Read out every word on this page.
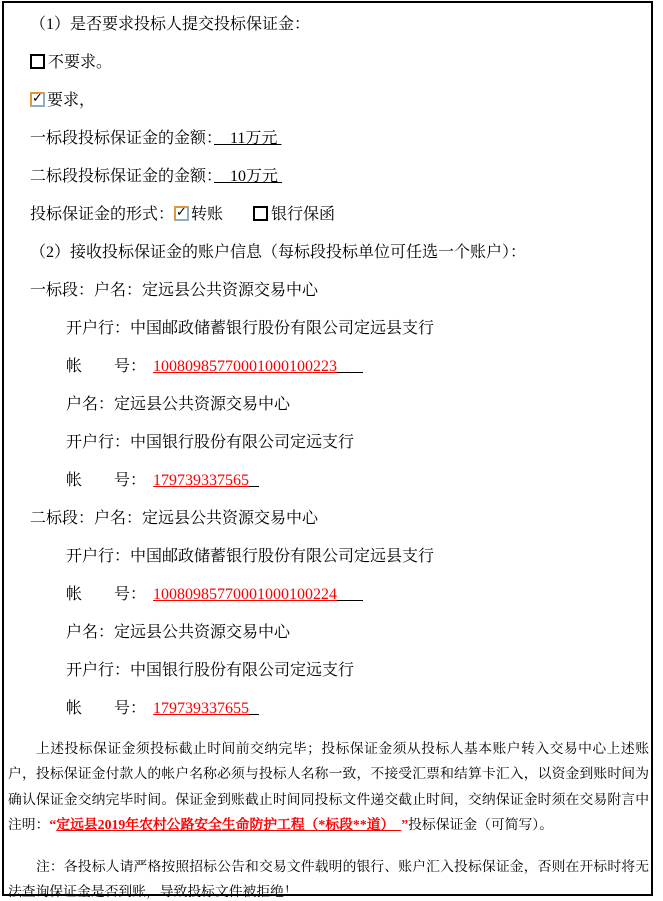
（1）是否要求投标人提交投标保证金：
不要求。
✓要求，
一标段投标保证金的金额：　11万元
二标段投标保证金的金额：　10万元
投标保证金的形式： ✓ 转账	银行保函
（2）接收投标保证金的账户信息（每标段投标单位可任选一个账户）：
一标段：户名：定远县公共资源交易中心
开户行：中国邮政储蓄银行股份有限公司定远县支行
帐　　号： 10080985770001000100223
户名：定远县公共资源交易中心
开户行：中国银行股份有限公司定远支行
帐　　号： 179739337565
二标段：户名：定远县公共资源交易中心
开户行：中国邮政储蓄银行股份有限公司定远县支行
帐　　号： 10080985770001000100224
户名：定远县公共资源交易中心
开户行：中国银行股份有限公司定远支行
帐　　号： 179739337655
上述投标保证金须投标截止时间前交纳完毕；投标保证金须从投标人基本账户转入交易中心上述账
户，投标保证金付款人的帐户名称必须与投标人名称一致，不接受汇票和结算卡汇入，以资金到账时间为
确认保证金交纳完毕时间。保证金到账截止时间同投标文件递交截止时间，交纳保证金时须在交易附言中
注明：“定远县2019年农村公路安全生命防护工程（*标段**道）　”投标保证金（可简写）。
注：各投标人请严格按照招标公告和交易文件载明的银行、账户汇入投标保证金，否则在开标时将无
法查询保证金是否到账，导致投标文件被拒绝！
